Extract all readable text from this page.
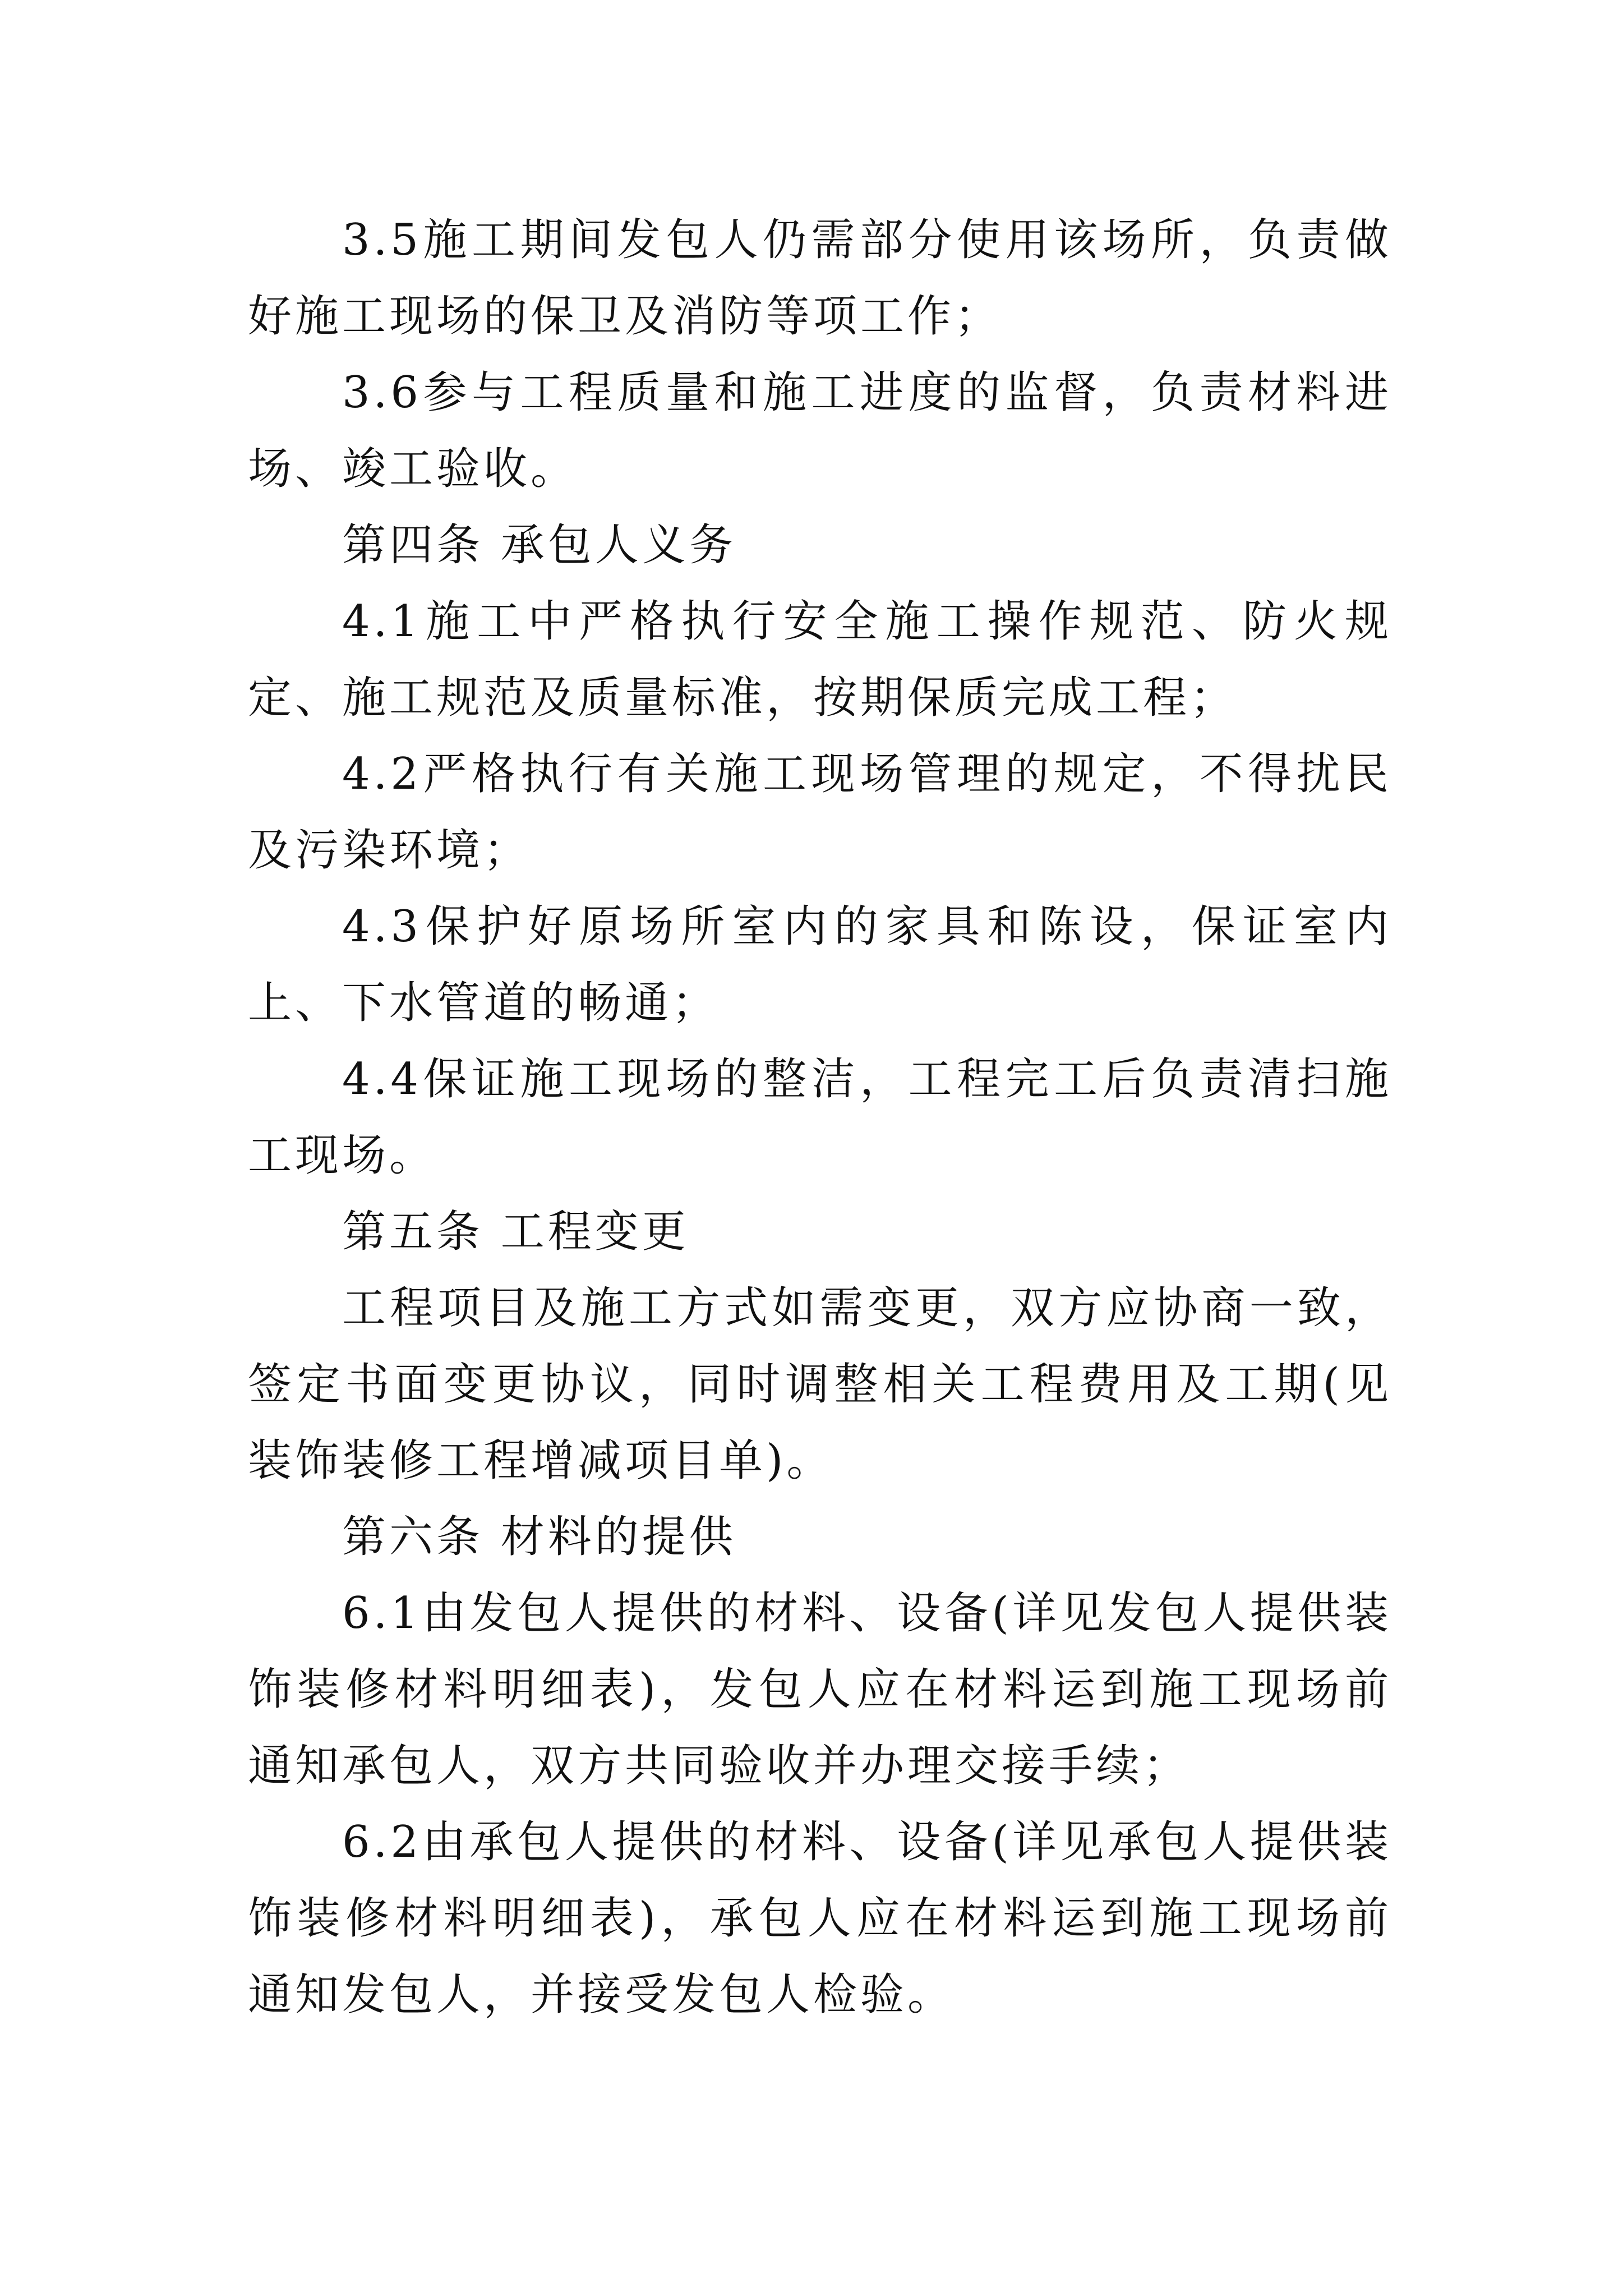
3.5施工期间发包人仍需部分使用该场所，负责做好施工现场的保卫及消防等项工作；

3.6参与工程质量和施工进度的监督，负责材料进场、竣工验收。

第四条 承包人义务

4.1施工中严格执行安全施工操作规范、防火规定、施工规范及质量标准，按期保质完成工程；

4.2严格执行有关施工现场管理的规定，不得扰民及污染环境；

4.3保护好原场所室内的家具和陈设，保证室内上、下水管道的畅通；

4.4保证施工现场的整洁，工程完工后负责清扫施工现场。

第五条 工程变更

工程项目及施工方式如需变更，双方应协商一致，签定书面变更协议，同时调整相关工程费用及工期(见装饰装修工程增减项目单)。

第六条 材料的提供

6.1由发包人提供的材料、设备(详见发包人提供装饰装修材料明细表)，发包人应在材料运到施工现场前通知承包人，双方共同验收并办理交接手续；

6.2由承包人提供的材料、设备(详见承包人提供装饰装修材料明细表)，承包人应在材料运到施工现场前通知发包人，并接受发包人检验。
